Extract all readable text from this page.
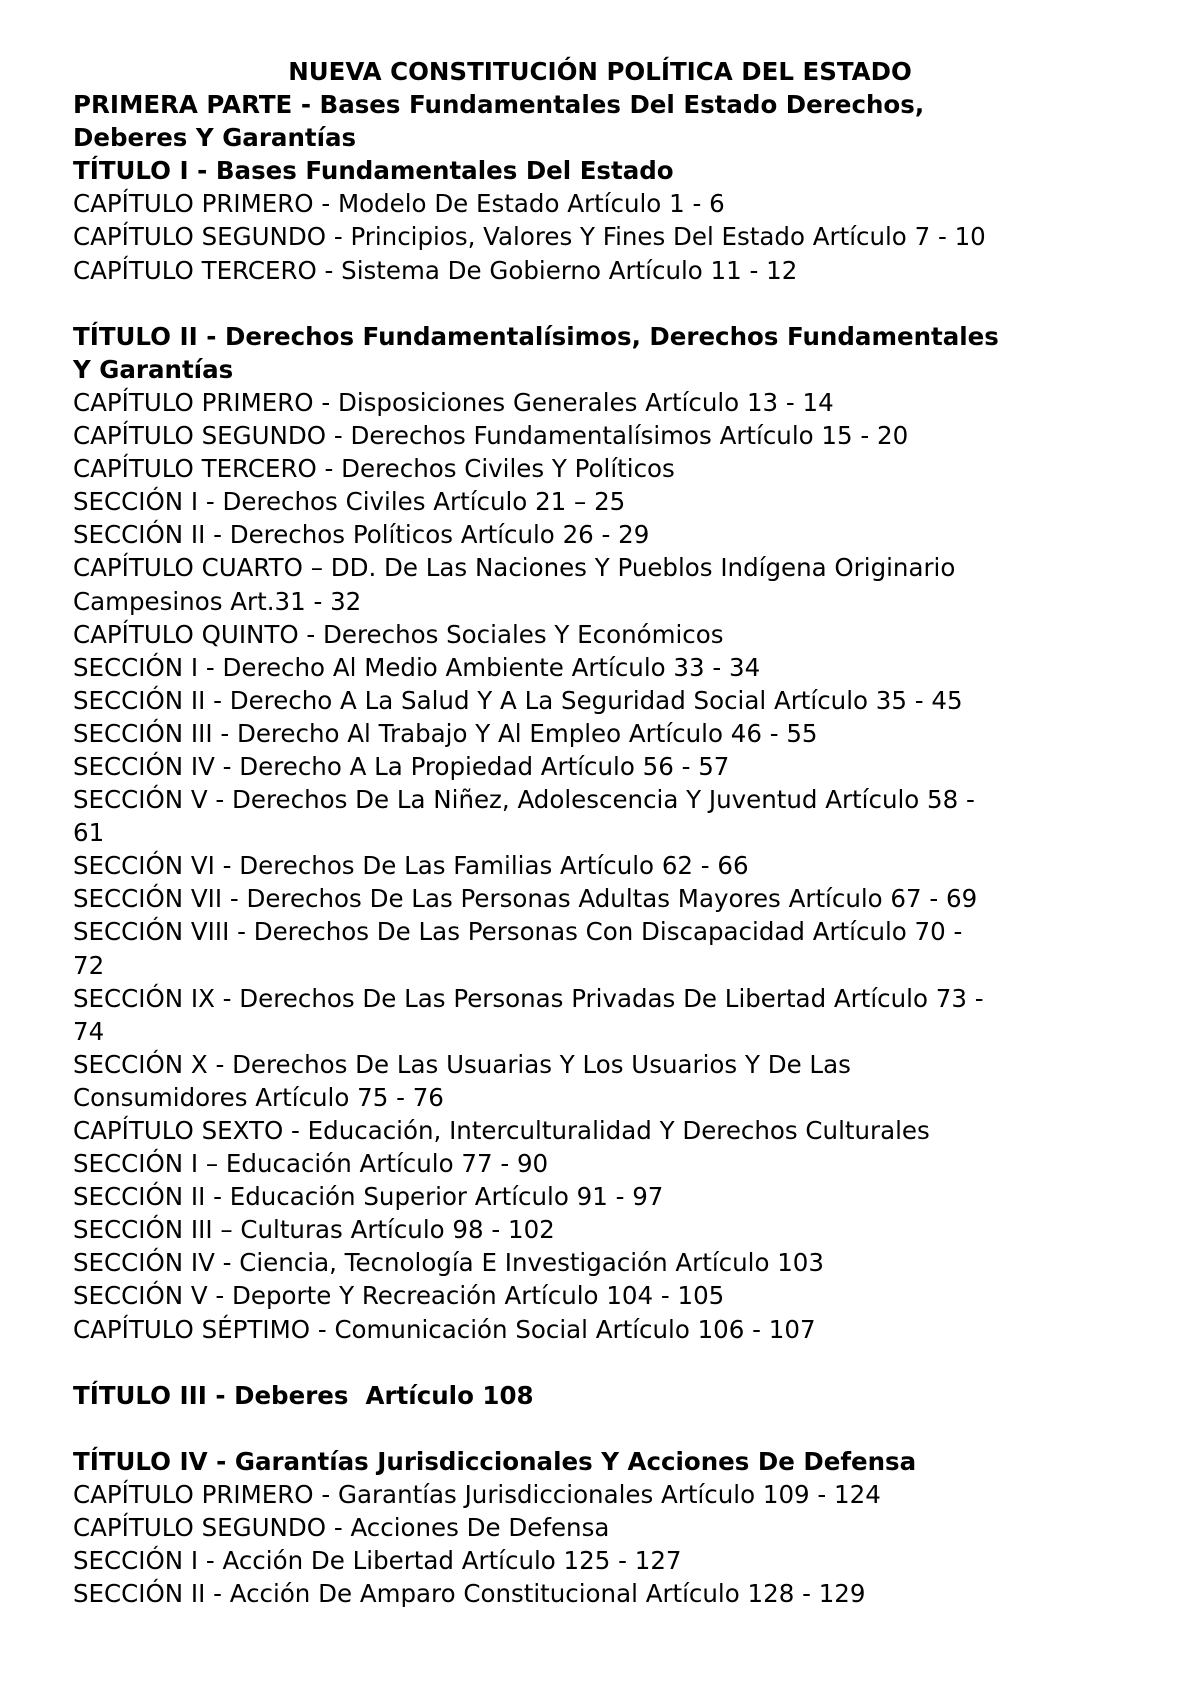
NUEVA CONSTITUCIÓN POLÍTICA DEL ESTADO
PRIMERA PARTE - Bases Fundamentales Del Estado Derechos,
Deberes Y Garantías
TÍTULO I - Bases Fundamentales Del Estado
CAPÍTULO PRIMERO - Modelo De Estado Artículo 1 - 6
CAPÍTULO SEGUNDO - Principios, Valores Y Fines Del Estado Artículo 7 - 10
CAPÍTULO TERCERO - Sistema De Gobierno Artículo 11 - 12
TÍTULO II - Derechos Fundamentalísimos, Derechos Fundamentales
Y Garantías
CAPÍTULO PRIMERO - Disposiciones Generales Artículo 13 - 14
CAPÍTULO SEGUNDO - Derechos Fundamentalísimos Artículo 15 - 20
CAPÍTULO TERCERO - Derechos Civiles Y Políticos
SECCIÓN I - Derechos Civiles Artículo 21 – 25
SECCIÓN II - Derechos Políticos Artículo 26 - 29
CAPÍTULO CUARTO – DD. De Las Naciones Y Pueblos Indígena Originario
Campesinos Art.31 - 32
CAPÍTULO QUINTO - Derechos Sociales Y Económicos
SECCIÓN I - Derecho Al Medio Ambiente Artículo 33 - 34
SECCIÓN II - Derecho A La Salud Y A La Seguridad Social Artículo 35 - 45
SECCIÓN III - Derecho Al Trabajo Y Al Empleo Artículo 46 - 55
SECCIÓN IV - Derecho A La Propiedad Artículo 56 - 57
SECCIÓN V - Derechos De La Niñez, Adolescencia Y Juventud Artículo 58 -
61
SECCIÓN VI - Derechos De Las Familias Artículo 62 - 66
SECCIÓN VII - Derechos De Las Personas Adultas Mayores Artículo 67 - 69
SECCIÓN VIII - Derechos De Las Personas Con Discapacidad Artículo 70 -
72
SECCIÓN IX - Derechos De Las Personas Privadas De Libertad Artículo 73 -
74
SECCIÓN X - Derechos De Las Usuarias Y Los Usuarios Y De Las
Consumidores Artículo 75 - 76
CAPÍTULO SEXTO - Educación, Interculturalidad Y Derechos Culturales
SECCIÓN I – Educación Artículo 77 - 90
SECCIÓN II - Educación Superior Artículo 91 - 97
SECCIÓN III – Culturas Artículo 98 - 102
SECCIÓN IV - Ciencia, Tecnología E Investigación Artículo 103
SECCIÓN V - Deporte Y Recreación Artículo 104 - 105
CAPÍTULO SÉPTIMO - Comunicación Social Artículo 106 - 107
TÍTULO III - Deberes  Artículo 108
TÍTULO IV - Garantías Jurisdiccionales Y Acciones De Defensa
CAPÍTULO PRIMERO - Garantías Jurisdiccionales Artículo 109 - 124
CAPÍTULO SEGUNDO - Acciones De Defensa
SECCIÓN I - Acción De Libertad Artículo 125 - 127
SECCIÓN II - Acción De Amparo Constitucional Artículo 128 - 129
